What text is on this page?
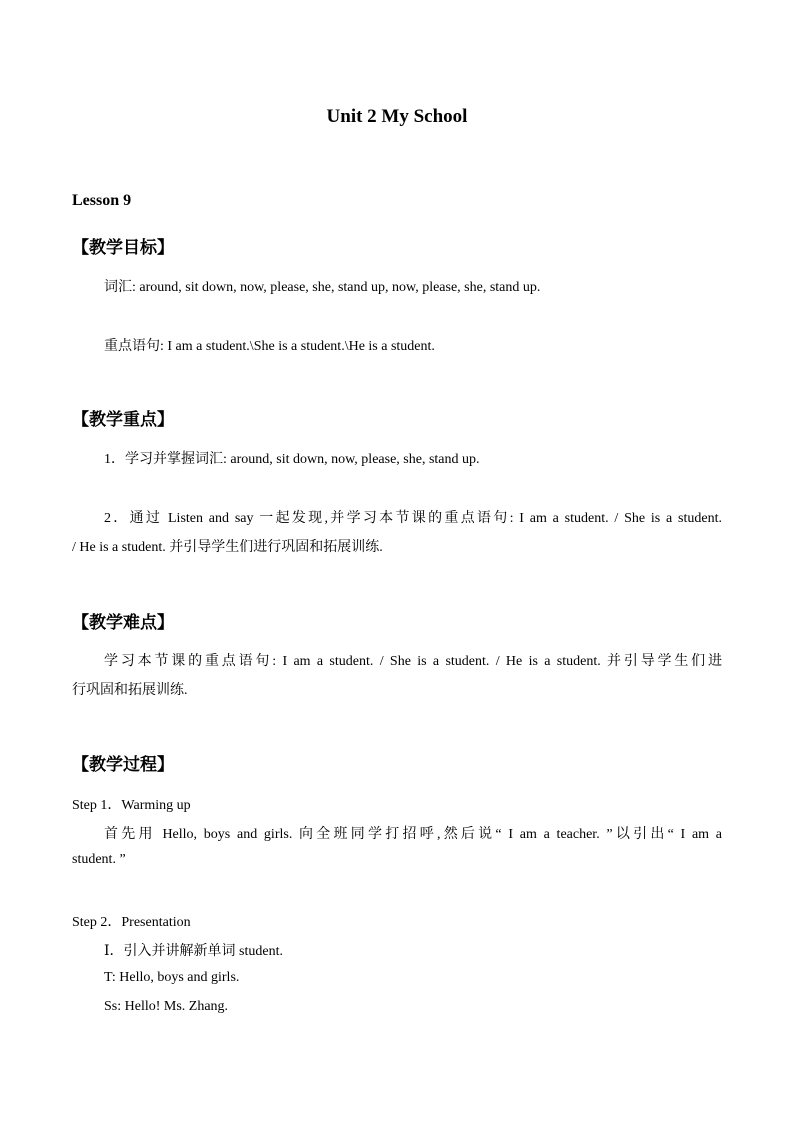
Unit 2 My School
Lesson 9
【教学目标】
词汇: around, sit down, now, please, she, stand up, now, please, she, stand up.
重点语句: I am a student.\She is a student.\He is a student.
【教学重点】
1．学习并掌握词汇: around, sit down, now, please, she, stand up.
2．通过 Listen and say 一起发现,并学习本节课的重点语句: I am a student. / She is a student.
/ He is a student. 并引导学生们进行巩固和拓展训练.
【教学难点】
学习本节课的重点语句: I am a student. / She is a student. / He is a student. 并引导学生们进
行巩固和拓展训练.
【教学过程】
Step 1．Warming up
首先用 Hello, boys and girls. 向全班同学打招呼,然后说“ I am a teacher. ”以引出“ I am a
student. ”
Step 2．Presentation
Ⅰ．引入并讲解新单词 student.
T: Hello, boys and girls.
Ss: Hello! Ms. Zhang.
